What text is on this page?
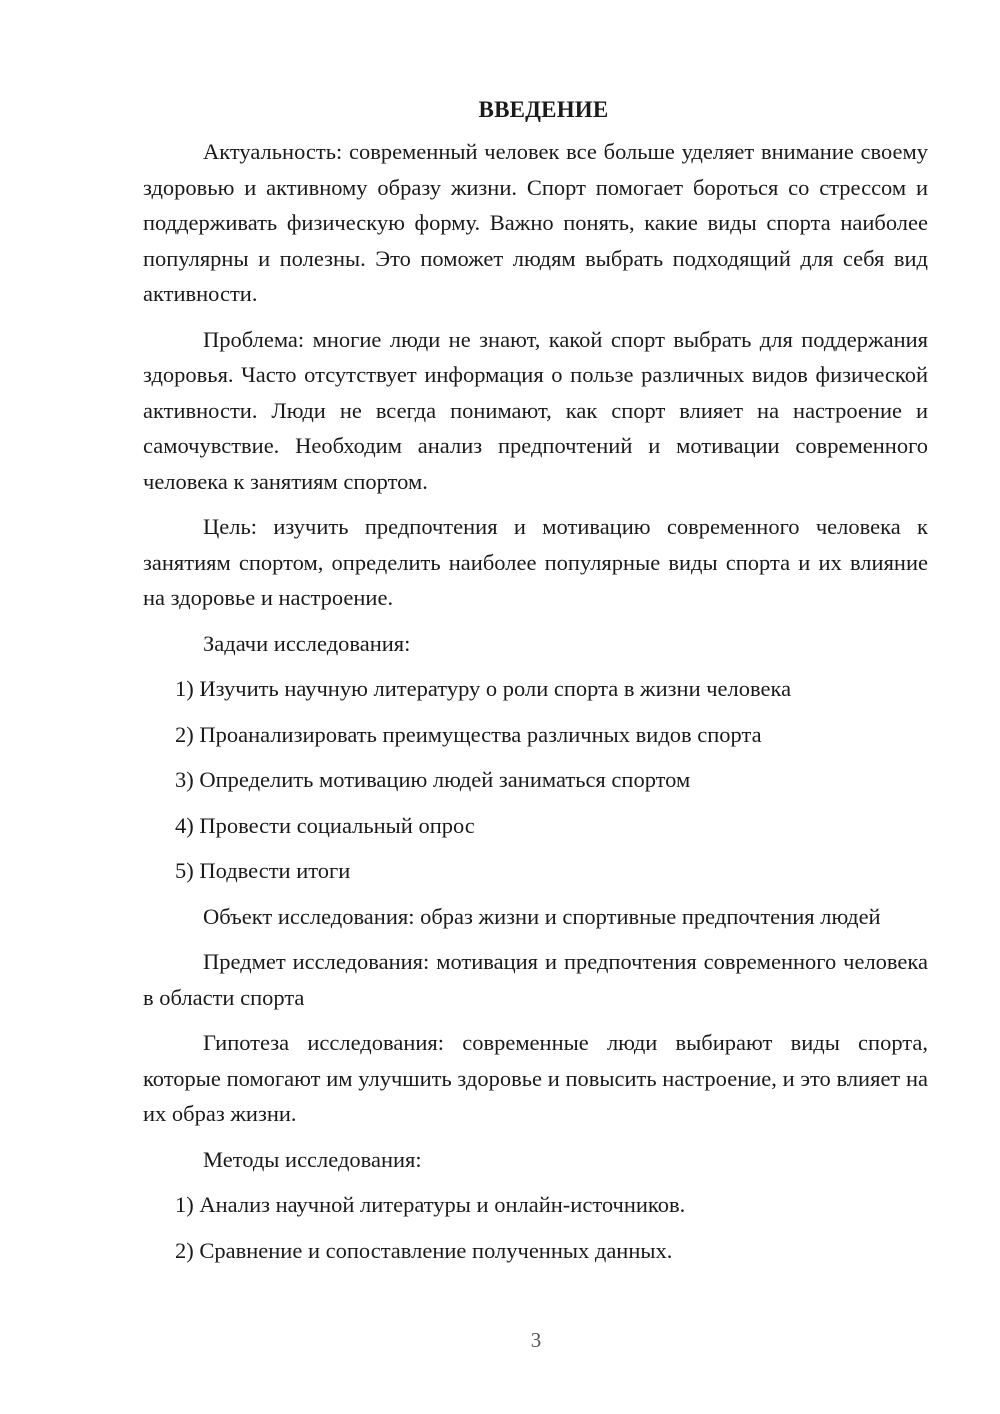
ВВЕДЕНИЕ

Актуальность: современный человек все больше уделяет внимание своему здоровью и активному образу жизни. Спорт помогает бороться со стрессом и поддерживать физическую форму. Важно понять, какие виды спорта наиболее популярны и полезны. Это поможет людям выбрать подходящий для себя вид активности.

Проблема: многие люди не знают, какой спорт выбрать для поддержания здоровья. Часто отсутствует информация о пользе различных видов физической активности. Люди не всегда понимают, как спорт влияет на настроение и самочувствие. Необходим анализ предпочтений и мотивации современного человека к занятиям спортом.

Цель: изучить предпочтения и мотивацию современного человека к занятиям спортом, определить наиболее популярные виды спорта и их влияние на здоровье и настроение.

Задачи исследования:

1) Изучить научную литературу о роли спорта в жизни человека

2) Проанализировать преимущества различных видов спорта

3) Определить мотивацию людей заниматься спортом

4) Провести социальный опрос

5) Подвести итоги

Объект исследования: образ жизни и спортивные предпочтения людей

Предмет исследования: мотивация и предпочтения современного человека в области спорта

Гипотеза исследования: современные люди выбирают виды спорта, которые помогают им улучшить здоровье и повысить настроение, и это влияет на их образ жизни.

Методы исследования:

1) Анализ научной литературы и онлайн-источников.

2) Сравнение и сопоставление полученных данных.

3
